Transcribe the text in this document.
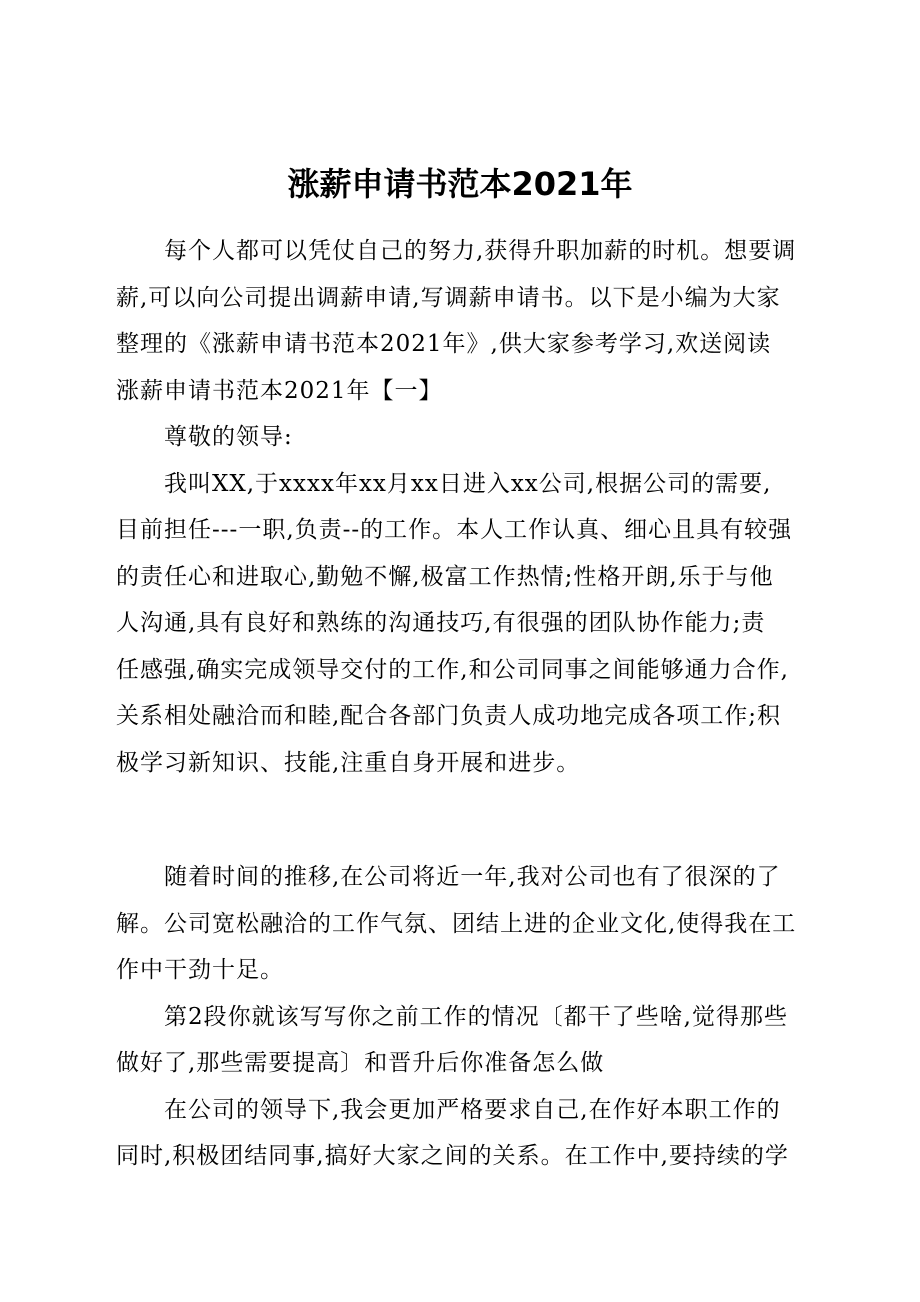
涨薪申请书范本2021年
每个人都可以凭仗自己的努力,获得升职加薪的时机。想要调
薪,可以向公司提出调薪申请,写调薪申请书。以下是小编为大家
整理的《涨薪申请书范本2021年》,供大家参考学习,欢送阅读
涨薪申请书范本2021年【一】
尊敬的领导:
我叫XX,于xxxx年xx月xx日进入xx公司,根据公司的需要,
目前担任---一职,负责--的工作。本人工作认真、细心且具有较强
的责任心和进取心,勤勉不懈,极富工作热情;性格开朗,乐于与他
人沟通,具有良好和熟练的沟通技巧,有很强的团队协作能力;责
任感强,确实完成领导交付的工作,和公司同事之间能够通力合作,
关系相处融洽而和睦,配合各部门负责人成功地完成各项工作;积
极学习新知识、技能,注重自身开展和进步。
随着时间的推移,在公司将近一年,我对公司也有了很深的了
解。公司宽松融洽的工作气氛、团结上进的企业文化,使得我在工
作中干劲十足。
第2段你就该写写你之前工作的情况〔都干了些啥,觉得那些
做好了,那些需要提高〕和晋升后你准备怎么做
在公司的领导下,我会更加严格要求自己,在作好本职工作的
同时,积极团结同事,搞好大家之间的关系。在工作中,要持续的学
